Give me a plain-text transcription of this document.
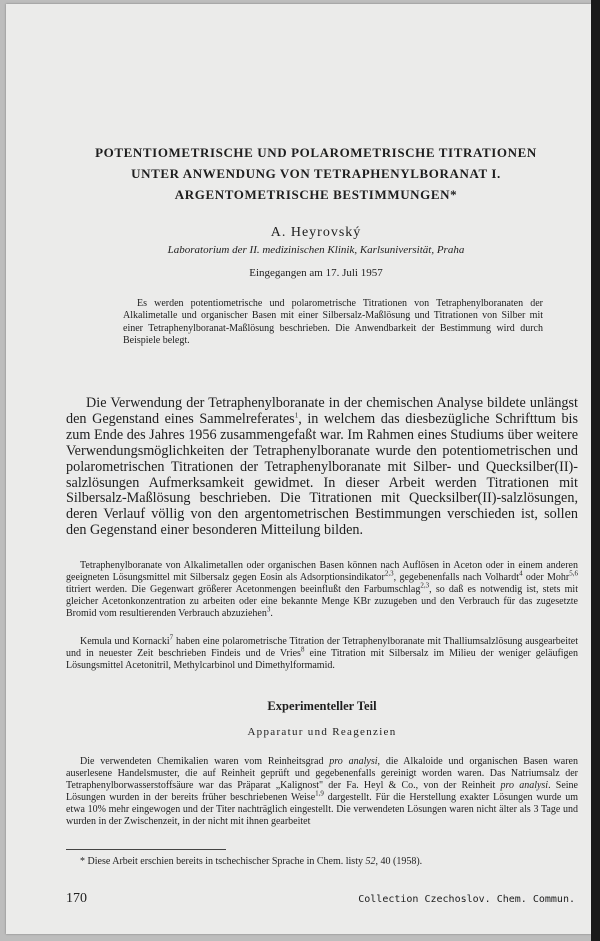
POTENTIOMETRISCHE UND POLAROMETRISCHE TITRATIONEN
UNTER ANWENDUNG VON TETRAPHENYLBORANAT I.
ARGENTOMETRISCHE BESTIMMUNGEN*
A. Heyrovský
Laboratorium der II. medizinischen Klinik, Karlsuniversität, Praha
Eingegangen am 17. Juli 1957
Es werden potentiometrische und polarometrische Titrationen von Tetraphenylboranaten der Alkalimetalle und organischer Basen mit einer Silbersalz-Maßlösung und Titrationen von Silber mit einer Tetraphenylboranat-Maßlösung beschrieben. Die Anwendbarkeit der Bestimmung wird durch Beispiele belegt.
Die Verwendung der Tetraphenylboranate in der chemischen Analyse bildete unlängst den Gegenstand eines Sammelreferates$^1$, in welchem das diesbezügliche Schrifttum bis zum Ende des Jahres 1956 zusammengefaßt war. Im Rahmen eines Studiums über weitere Verwendungsmöglichkeiten der Tetraphenylboranate wurde den potentiometrischen und polarometrischen Titrationen der Tetraphenylboranate mit Silber- und Quecksilber(II)-salzlösungen Aufmerksamkeit gewidmet. In dieser Arbeit werden Titrationen mit Silbersalz-Maßlösung beschrieben. Die Titrationen mit Quecksilber(II)-salzlösungen, deren Verlauf völlig von den argentometrischen Bestimmungen verschieden ist, sollen den Gegenstand einer besonderen Mitteilung bilden.

Tetraphenylboranate von Alkalimetallen oder organischen Basen können nach Auflösen in Aceton oder in einem anderen geeigneten Lösungsmittel mit Silbersalz gegen Eosin als Adsorptionsindikator$^{2,3}$, gegebenenfalls nach Volhardt$^4$ oder Mohr$^{5,6}$ titriert werden. Die Gegenwart größerer Acetonmengen beeinflußt den Farbumschlag$^{2,3}$, so daß es notwendig ist, stets mit gleicher Acetonkonzentration zu arbeiten oder eine bekannte Menge KBr zuzugeben und den Verbrauch für das zugesetzte Bromid vom resultierenden Verbrauch abzuziehen$^3$.

Kemula und Kornacki$^7$ haben eine polarometrische Titration der Tetraphenylboranate mit Thalliumsalzlösung ausgearbeitet und in neuester Zeit beschrieben Findeis und de Vries$^8$ eine Titration mit Silbersalz im Milieu der weniger geläufigen Lösungsmittel Acetonitril, Methylcarbinol und Dimethylformamid.

Experimenteller Teil
Apparatur und Reagenzien

Die verwendeten Chemikalien waren vom Reinheitsgrad pro analysi, die Alkaloide und organischen Basen waren auserlesene Handelsmuster, die auf Reinheit geprüft und gegebenenfalls gereinigt worden waren. Das Natriumsalz der Tetraphenylborwasserstoffsäure war das Präparat „Kalignost" der Fa. Heyl & Co., von der Reinheit pro analysi. Seine Lösungen wurden in der bereits früher beschriebenen Weise$^{1,9}$ dargestellt. Für die Herstellung exakter Lösungen wurde um etwa 10% mehr eingewogen und der Titer nachträglich eingestellt. Die verwendeten Lösungen waren nicht älter als 3 Tage und wurden in der Zwischenzeit, in der nicht mit ihnen gearbeitet

* Diese Arbeit erschien bereits in tschechischer Sprache in Chem. listy 52, 40 (1958).
170	Collection Czechoslov. Chem. Commun.
